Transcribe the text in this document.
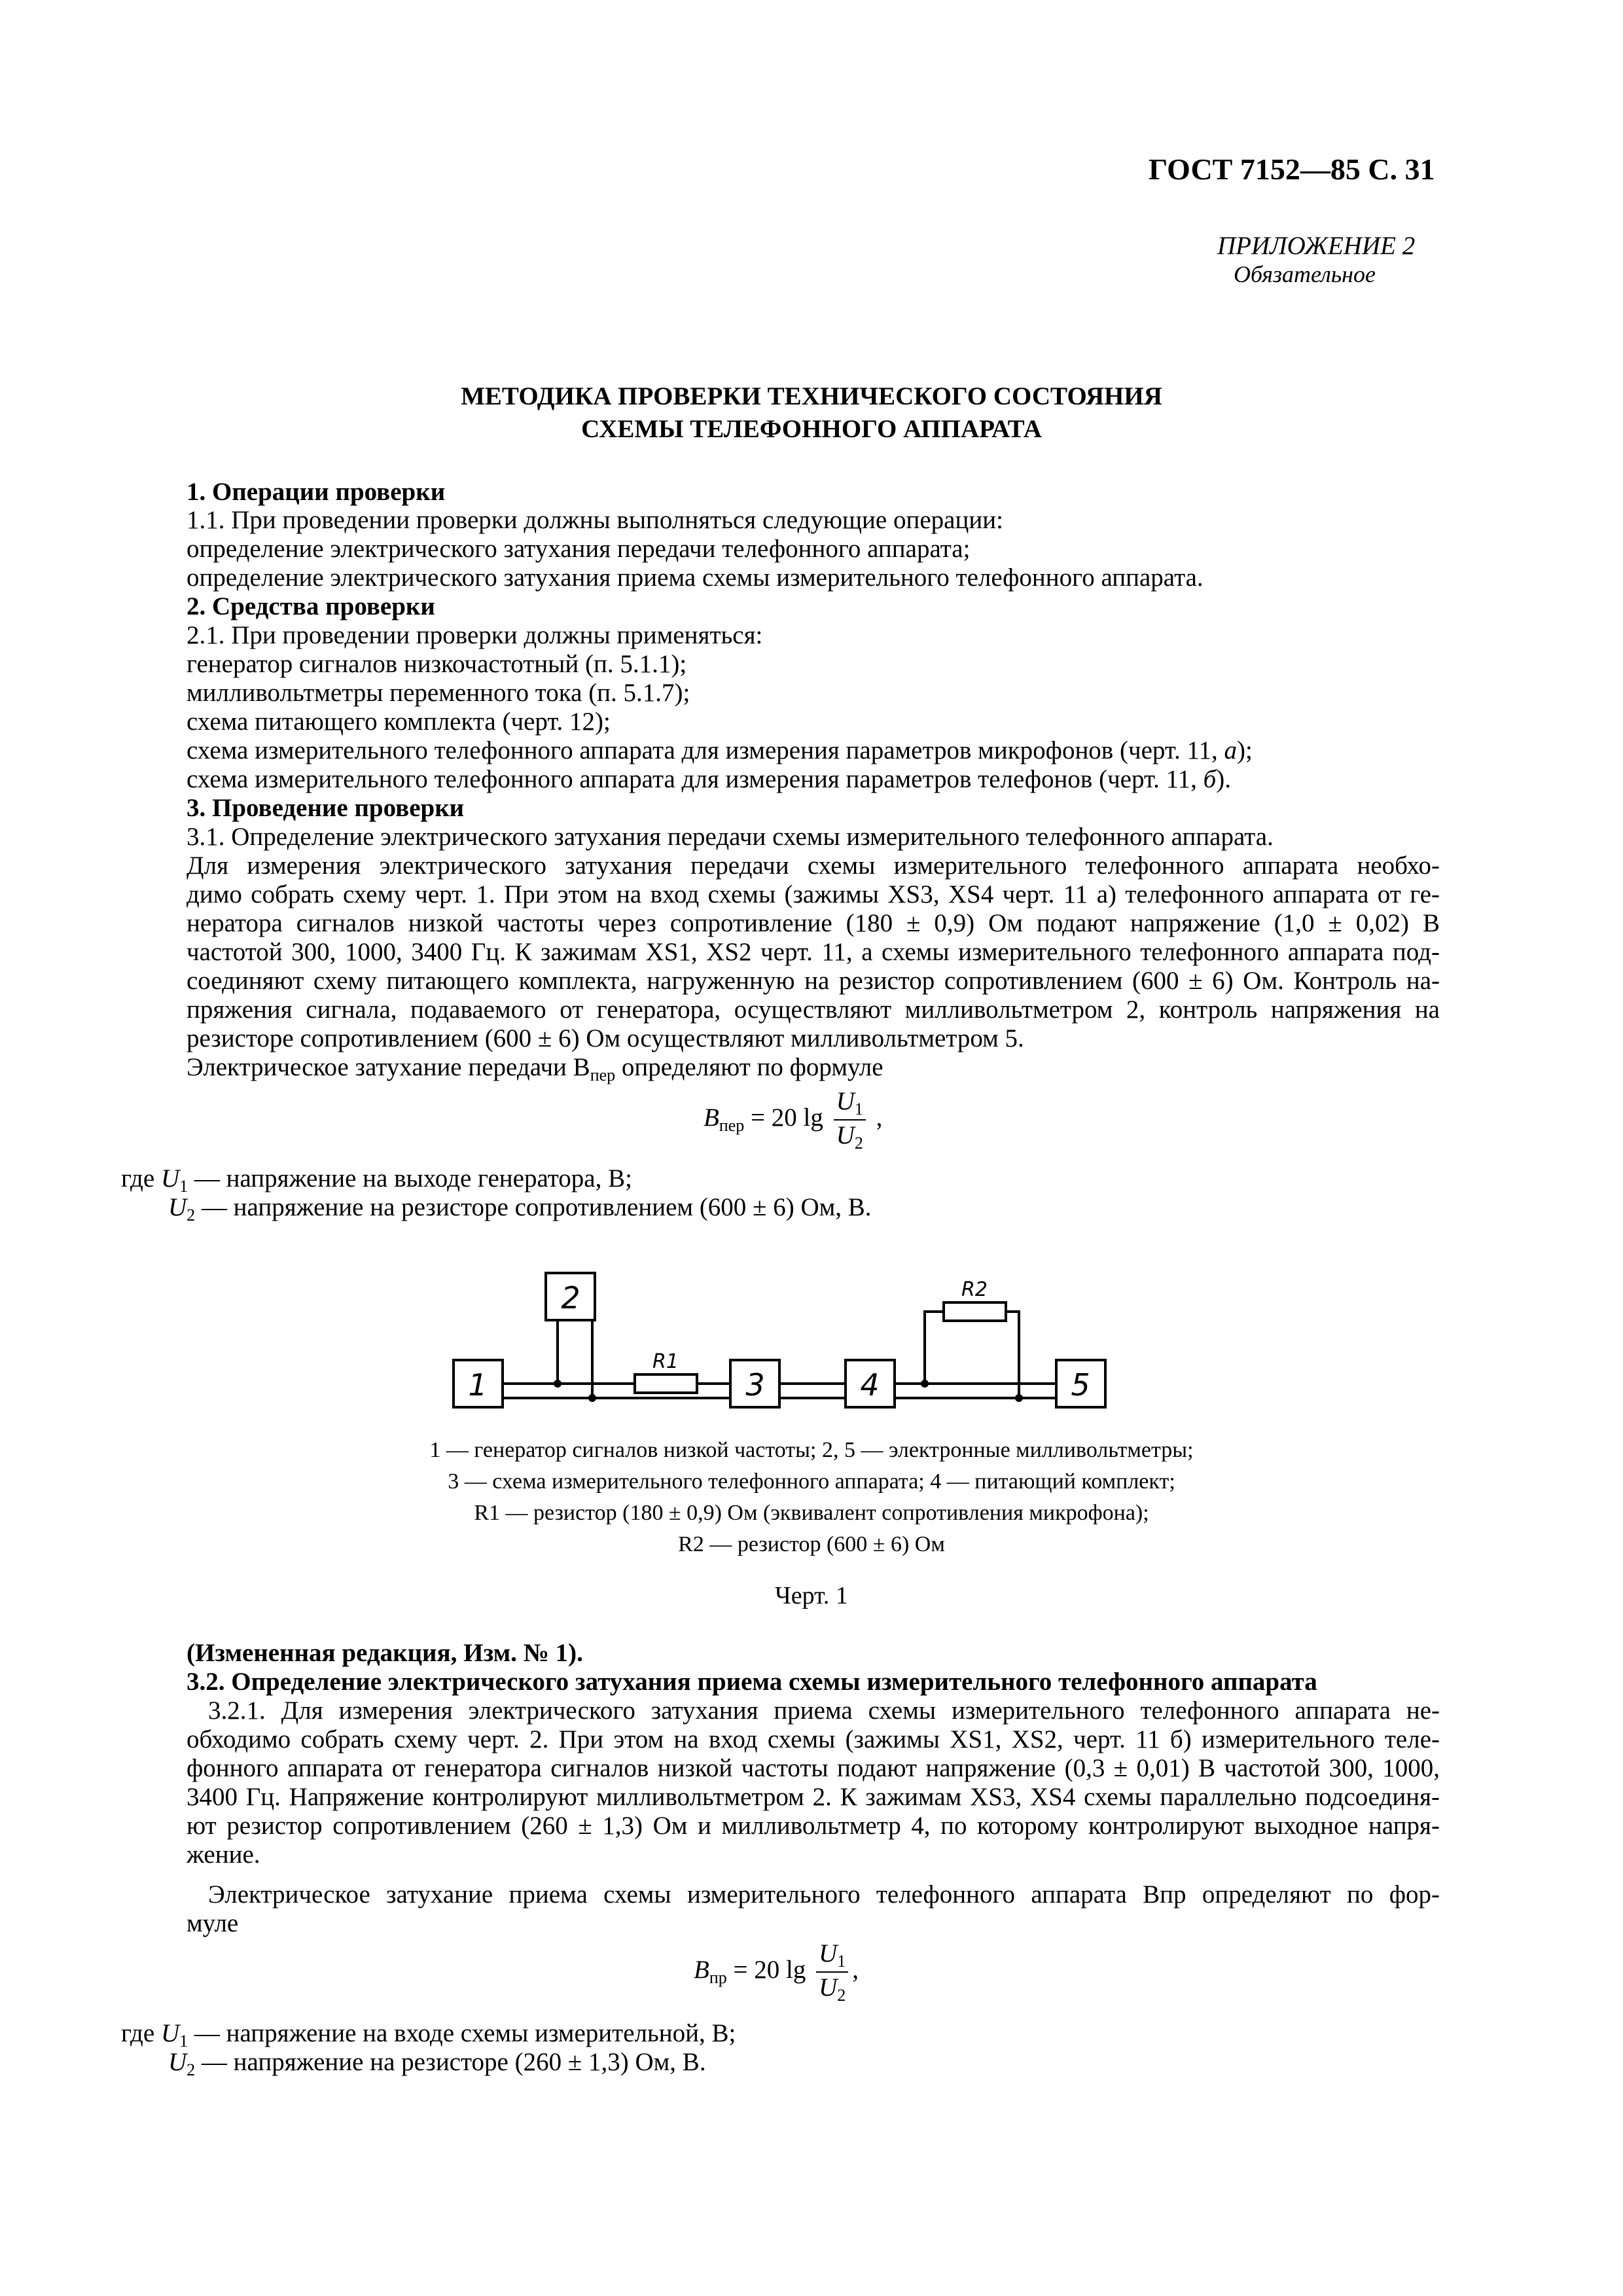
ГОСТ 7152—85 С. 31
ПРИЛОЖЕНИЕ 2
Обязательное
МЕТОДИКА ПРОВЕРКИ ТЕХНИЧЕСКОГО СОСТОЯНИЯ
СХЕМЫ ТЕЛЕФОННОГО АППАРАТА
1. Операции проверки
1.1. При проведении проверки должны выполняться следующие операции:
определение электрического затухания передачи телефонного аппарата;
определение электрического затухания приема схемы измерительного телефонного аппарата.
2. Средства проверки
2.1. При проведении проверки должны применяться:
генератор сигналов низкочастотный (п. 5.1.1);
милливольтметры переменного тока (п. 5.1.7);
схема питающего комплекта (черт. 12);
схема измерительного телефонного аппарата для измерения параметров микрофонов (черт. 11, а);
схема измерительного телефонного аппарата для измерения параметров телефонов (черт. 11, б).
3. Проведение проверки
3.1. Определение электрического затухания передачи схемы измерительного телефонного аппарата.
Для измерения электрического затухания передачи схемы измерительного телефонного аппарата необхо-
димо собрать схему черт. 1. При этом на вход схемы (зажимы XS3, XS4 черт. 11 а) телефонного аппарата от ге-
нератора сигналов низкой частоты через сопротивление (180 ± 0,9) Ом подают напряжение (1,0 ± 0,02) В
частотой 300, 1000, 3400 Гц. К зажимам XS1, XS2 черт. 11, а схемы измерительного телефонного аппарата под-
соединяют схему питающего комплекта, нагруженную на резистор сопротивлением (600 ± 6) Ом. Контроль на-
пряжения сигнала, подаваемого от генератора, осуществляют милливольтметром 2, контроль напряжения на
резисторе сопротивлением (600 ± 6) Ом осуществляют милливольтметром 5.
Электрическое затухание передачи $B_{пер}$ определяют по формуле
$B_{пер} = 20$ $\lg \frac{U_1}{U_2}$ ,
где $U_1$ — напряжение на выходе генератора, В;
$U_2$ — напряжение на резисторе сопротивлением (600 ± 6) Ом, В.
1
2
3	4	5
R1
R2
1 — генератор сигналов низкой частоты; 2, 5 — электронные милливольтметры;
3 — схема измерительного телефонного аппарата; 4 — питающий комплект;
R1 — резистор (180 ± 0,9) Ом (эквивалент сопротивления микрофона);
R2 — резистор (600 ± 6) Ом
Черт. 1
(Измененная редакция, Изм. № 1).
3.2. Определение электрического затухания приема схемы измерительного телефонного аппарата
3.2.1. Для измерения электрического затухания приема схемы измерительного телефонного аппарата не-
обходимо собрать схему черт. 2. При этом на вход схемы (зажимы XS1, XS2, черт. 11 б) измерительного теле-
фонного аппарата от генератора сигналов низкой частоты подают напряжение (0,3 ± 0,01) В частотой 300, 1000,
3400 Гц. Напряжение контролируют милливольтметром 2. К зажимам XS3, XS4 схемы параллельно подсоединя-
ют резистор сопротивлением (260 ± 1,3) Ом и милливольтметр 4, по которому контролируют выходное напря-
жение.
Электрическое затухание приема схемы измерительного телефонного аппарата Bпр определяют по фор-
муле
$B_{пр} = 20$ $\lg \frac{U_1}{U_2}$ ,
где $U_1$ — напряжение на входе схемы измерительной, В;
$U_2$ — напряжение на резисторе (260 ± 1,3) Ом, В.
